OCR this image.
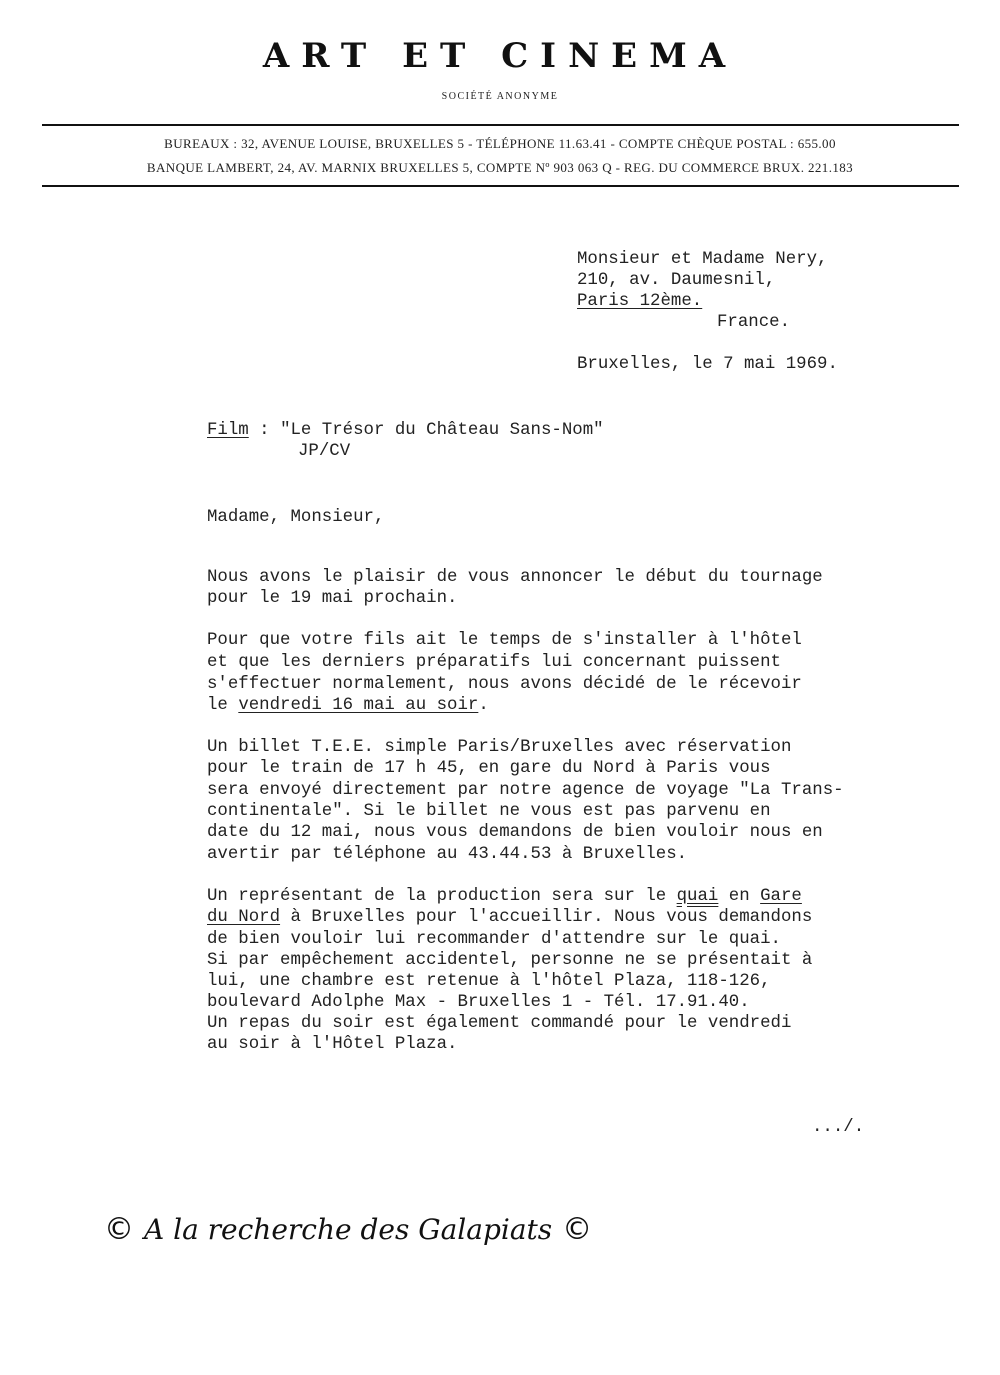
ART ET CINEMA
SOCIÉTÉ ANONYME
BUREAUX : 32, AVENUE LOUISE, BRUXELLES 5 - TÉLÉPHONE 11.63.41 - COMPTE CHÈQUE POSTAL : 655.00
BANQUE LAMBERT, 24, AV. MARNIX BRUXELLES 5, COMPTE Nº 903 063 Q - REG. DU COMMERCE BRUX. 221.183
Monsieur et Madame Nery,
210, av. Daumesnil,
Paris 12ème.
France.
Bruxelles, le 7 mai 1969.
Film : "Le Trésor du Château Sans-Nom"
JP/CV
Madame, Monsieur,
Nous avons le plaisir de vous annoncer le début du tournage
pour le 19 mai prochain.
Pour que votre fils ait le temps de s'installer à l'hôtel
et que les derniers préparatifs lui concernant puissent
s'effectuer normalement, nous avons décidé de le récevoir
le vendredi 16 mai au soir.
Un billet T.E.E. simple Paris/Bruxelles avec réservation
pour le train de 17 h 45, en gare du Nord à Paris vous
sera envoyé directement par notre agence de voyage "La Trans-
continentale". Si le billet ne vous est pas parvenu en
date du 12 mai, nous vous demandons de bien vouloir nous en
avertir par téléphone au 43.44.53 à Bruxelles.
Un représentant de la production sera sur le quai en Gare
du Nord à Bruxelles pour l'accueillir. Nous vous demandons
de bien vouloir lui recommander d'attendre sur le quai.
Si par empêchement accidentel, personne ne se présentait à
lui, une chambre est retenue à l'hôtel Plaza, 118-126,
boulevard Adolphe Max - Bruxelles 1 - Tél. 17.91.40.
Un repas du soir est également commandé pour le vendredi
au soir à l'Hôtel Plaza.
.../.
© A la recherche des Galapiats ©
